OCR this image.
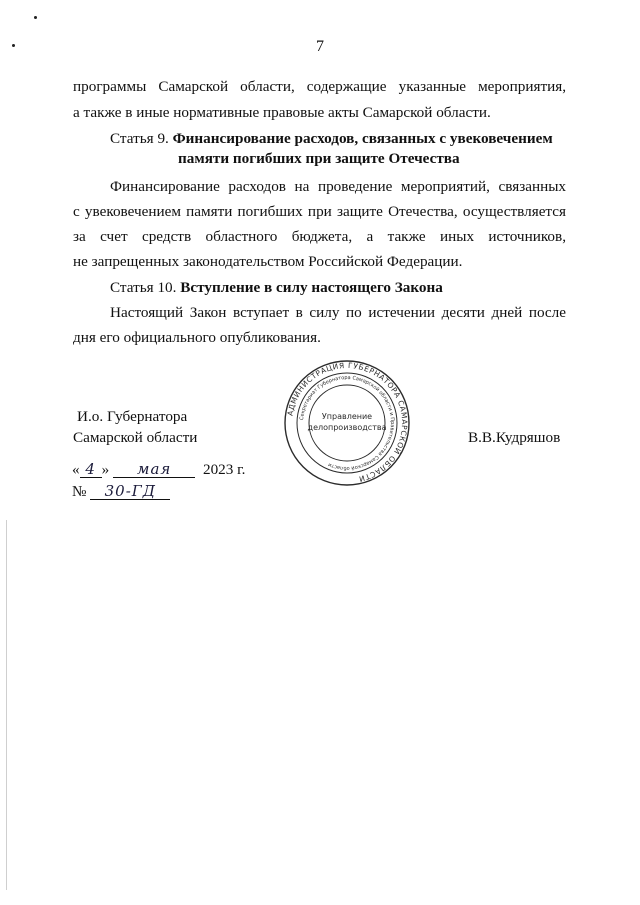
7
программы Самарской области, содержащие указанные мероприятия,
а также в иные нормативные правовые акты Самарской области.
Статья 9. Финансирование расходов, связанных с увековечением
памяти погибших при защите Отечества
Финансирование расходов на проведение мероприятий, связанных
с увековечением памяти погибших при защите Отечества, осуществляется
за счет средств областного бюджета, а также иных источников,
не запрещенных законодательством Российской Федерации.
Статья 10. Вступление в силу настоящего Закона
Настоящий Закон вступает в силу по истечении десяти дней после
дня его официального опубликования.
АДМИНИСТРАЦИЯ ГУБЕРНАТОРА САМАРСКОЙ ОБЛАСТИ
Секретариат Губернатора Самарской области и Правительства Самарской области
Управление
делопроизводства
И.о. Губернатора
Самарской области	В.В.Кудряшов
« 4 » мая 2023 г.
№ 30-ГД
